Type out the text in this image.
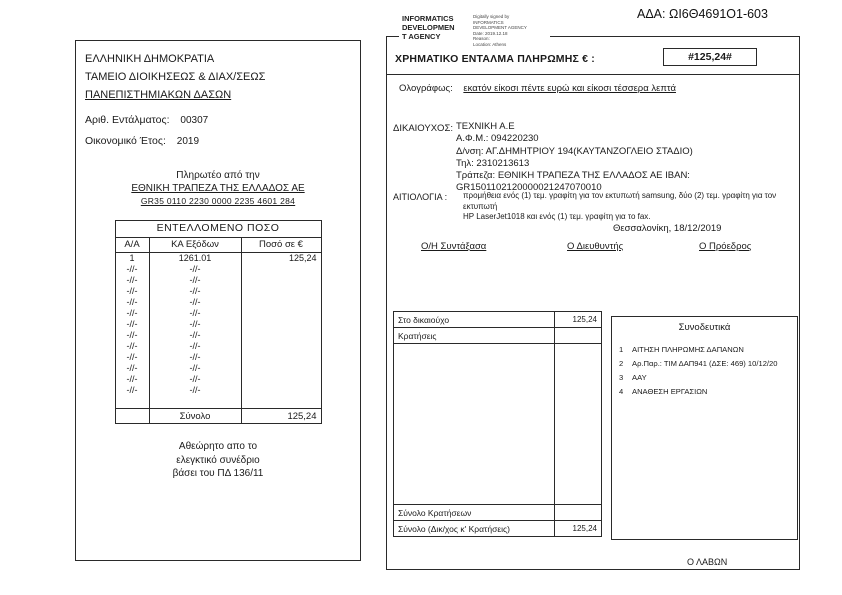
ΑΔΑ: ΩΙ6Θ4691Ο1-603
ΕΛΛΗΝΙΚΗ ΔΗΜΟΚΡΑΤΙΑ
ΤΑΜΕΙΟ ΔΙΟΙΚΗΣΕΩΣ & ΔΙΑΧ/ΣΕΩΣ
ΠΑΝΕΠΙΣΤΗΜΙΑΚΩΝ ΔΑΣΩΝ
Αριθ. Εντάλματος: 00307
Οικονομικό Έτος: 2019
Πληρωτέο από την
ΕΘΝΙΚΗ ΤΡΑΠΕΖΑ ΤΗΣ ΕΛΛΑΔΟΣ ΑΕ
GR35 0110 2230 0000 2235 4601 284
ΕΝΤΕΛΛΟΜΕΝΟ ΠΟΣΟ		
Α/Α	ΚΑ Εξόδων	Ποσό σε €
1	1261.01	125,24
-//-	-//-	
-//-	-//-	
-//-	-//-	
-//-	-//-	
-//-	-//-	
-//-	-//-	
-//-	-//-	
-//-	-//-	
-//-	-//-	
-//-	-//-	
-//-	-//-	
-//-	-//-	

	Σύνολο	125,24
Αθεώρητο απο το
ελεγκτικό συνέδριο
βάσει του ΠΔ 136/11
INFORMATICS
DEVELOPMEN
T AGENCY
Digitally signed by
INFORMATICS
DEVELOPMENT AGENCY
Date: 2019.12.18
Reason:
Location: Athens
ΧΡΗΜΑΤΙΚΟ ΕΝΤΑΛΜΑ ΠΛΗΡΩΜΗΣ € :	#125,24#
Ολογράφως: εκατόν είκοσι πέντε ευρώ και είκοσι τέσσερα λεπτά
ΔΙΚΑΙΟΥΧΟΣ: ΤΕΧΝΙΚΗ Α.Ε
Α.Φ.Μ.: 094220230
Δ/νση: ΑΓ.ΔΗΜΗΤΡΙΟΥ 194(ΚΑΥΤΑΝΖΟΓΛΕΙΟ ΣΤΑΔΙΟ)
Τηλ: 2310213613
Τράπεζα: ΕΘΝΙΚΗ ΤΡΑΠΕΖΑ ΤΗΣ ΕΛΛΑΔΟΣ ΑΕ ΙΒΑΝ:
GR1501102120000021247070010
ΑΙΤΙΟΛΟΓΙΑ : προμήθεια ενός (1) τεμ. γραφίτη για τον εκτυπωτή samsung, δύο (2) τεμ. γραφίτη για τον εκτυπωτή
HP LaserJet1018 και ενός (1) τεμ. γραφίτη για το fax.
Θεσσαλονίκη, 18/12/2019
Ο/Η Συντάξασα	Ο Διευθυντής	Ο Πρόεδρος
Στο δικαιούχο	125,24
Κρατήσεις
Σύνολο Κρατήσεων
Σύνολο (Δικ/χος κ' Κρατήσεις)	125,24
Συνοδευτικά
1	ΑΙΤΗΣΗ ΠΛΗΡΩΜΗΣ ΔΑΠΑΝΩΝ
2	Αρ.Παρ.: ΤΙΜ ΔΑΠ941 (ΔΣΕ: 469) 10/12/20
3	ΑΑΥ
4	ΑΝΑΘΕΣΗ ΕΡΓΑΣΙΩΝ
Ο ΛΑΒΩΝ
